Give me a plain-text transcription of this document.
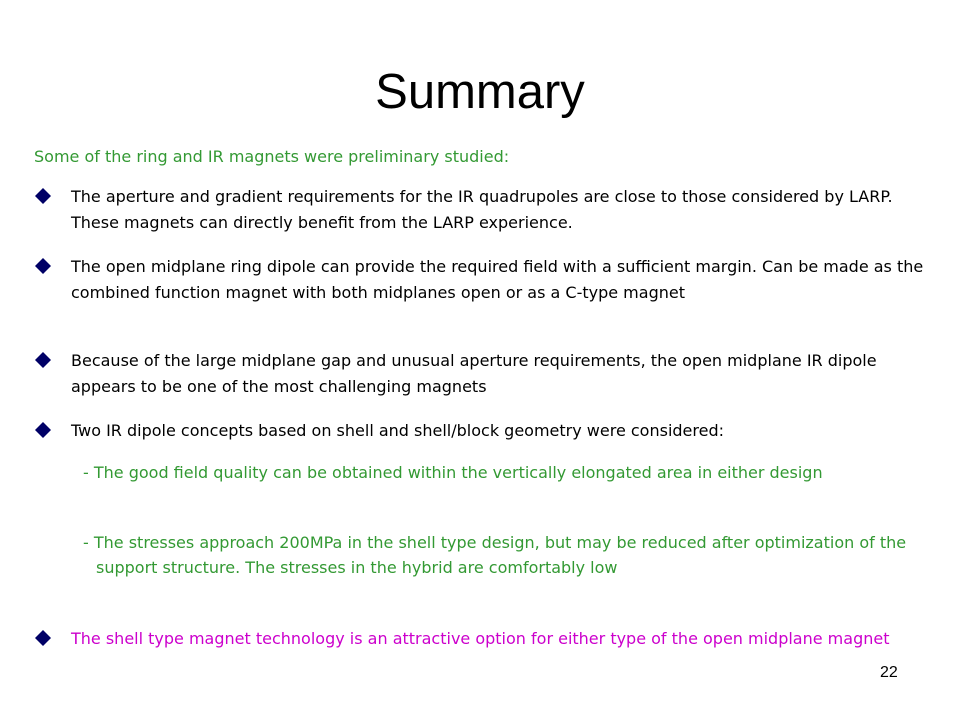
Summary
Some of the ring and IR magnets were preliminary studied:
The aperture and gradient requirements for the IR quadrupoles are close to those considered by LARP. These magnets can directly benefit from the LARP experience.
The open midplane ring dipole can provide the required field with a sufficient margin. Can be made as the combined function magnet with both midplanes open or as a C-type magnet
Because of the large midplane gap and unusual aperture requirements, the open midplane IR dipole appears to be one of the most challenging magnets
Two IR dipole concepts based on shell and shell/block geometry were considered:
- The good field quality can be obtained within the vertically elongated area in either design
- The stresses approach 200MPa in the shell type design, but may be reduced after optimization of the support structure. The stresses in the hybrid are comfortably low
The shell type magnet technology is an attractive option for either type of the open midplane magnet
22
